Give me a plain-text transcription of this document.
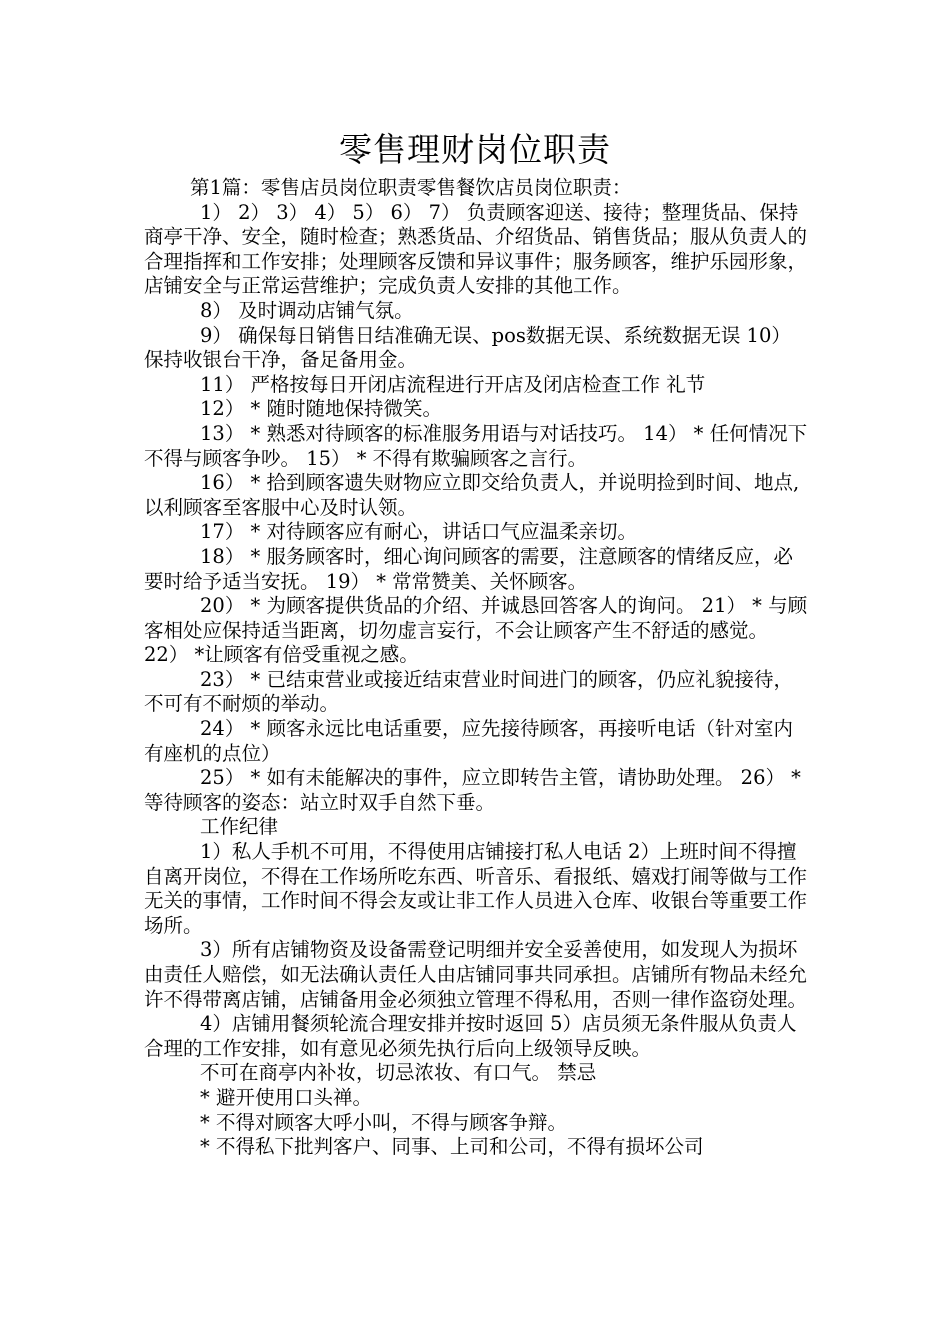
零售理财岗位职责

第1篇：零售店员岗位职责零售餐饮店员岗位职责：

1） 2） 3） 4） 5） 6） 7） 负责顾客迎送、接待；整理货品、保持商亭干净、安全，随时检查；熟悉货品、介绍货品、销售货品；服从负责人的合理指挥和工作安排；处理顾客反馈和异议事件；服务顾客，维护乐园形象，店铺安全与正常运营维护；完成负责人安排的其他工作。

8） 及时调动店铺气氛。

9） 确保每日销售日结准确无误、pos数据无误、系统数据无误 10） 保持收银台干净，备足备用金。

11） 严格按每日开闭店流程进行开店及闭店检查工作 礼节

12） * 随时随地保持微笑。

13） * 熟悉对待顾客的标准服务用语与对话技巧。 14） * 任何情况下不得与顾客争吵。 15） * 不得有欺骗顾客之言行。

16） * 拾到顾客遗失财物应立即交给负责人，并说明捡到时间、地点,以利顾客至客服中心及时认领。

17） * 对待顾客应有耐心，讲话口气应温柔亲切。

18） * 服务顾客时，细心询问顾客的需要，注意顾客的情绪反应，必要时给予适当安抚。 19） * 常常赞美、关怀顾客。

20） * 为顾客提供货品的介绍、并诚恳回答客人的询问。 21） * 与顾客相处应保持适当距离，切勿虚言妄行，不会让顾客产生不舒适的感觉。 22） *让顾客有倍受重视之感。

23） * 已结束营业或接近结束营业时间进门的顾客，仍应礼貌接待，不可有不耐烦的举动。

24） * 顾客永远比电话重要，应先接待顾客，再接听电话（针对室内有座机的点位）

25） * 如有未能解决的事件，应立即转告主管，请协助处理。 26） * 等待顾客的姿态：站立时双手自然下垂。

工作纪律

1）私人手机不可用，不得使用店铺接打私人电话 2）上班时间不得擅自离开岗位，不得在工作场所吃东西、听音乐、看报纸、嬉戏打闹等做与工作无关的事情，工作时间不得会友或让非工作人员进入仓库、收银台等重要工作场所。

3）所有店铺物资及设备需登记明细并安全妥善使用，如发现人为损坏由责任人赔偿，如无法确认责任人由店铺同事共同承担。店铺所有物品未经允许不得带离店铺，店铺备用金必须独立管理不得私用，否则一律作盗窃处理。

4）店铺用餐须轮流合理安排并按时返回 5）店员须无条件服从负责人合理的工作安排，如有意见必须先执行后向上级领导反映。

不可在商亭内补妆，切忌浓妆、有口气。 禁忌

* 避开使用口头禅。

* 不得对顾客大呼小叫，不得与顾客争辩。

* 不得私下批判客户、同事、上司和公司，不得有损坏公司
